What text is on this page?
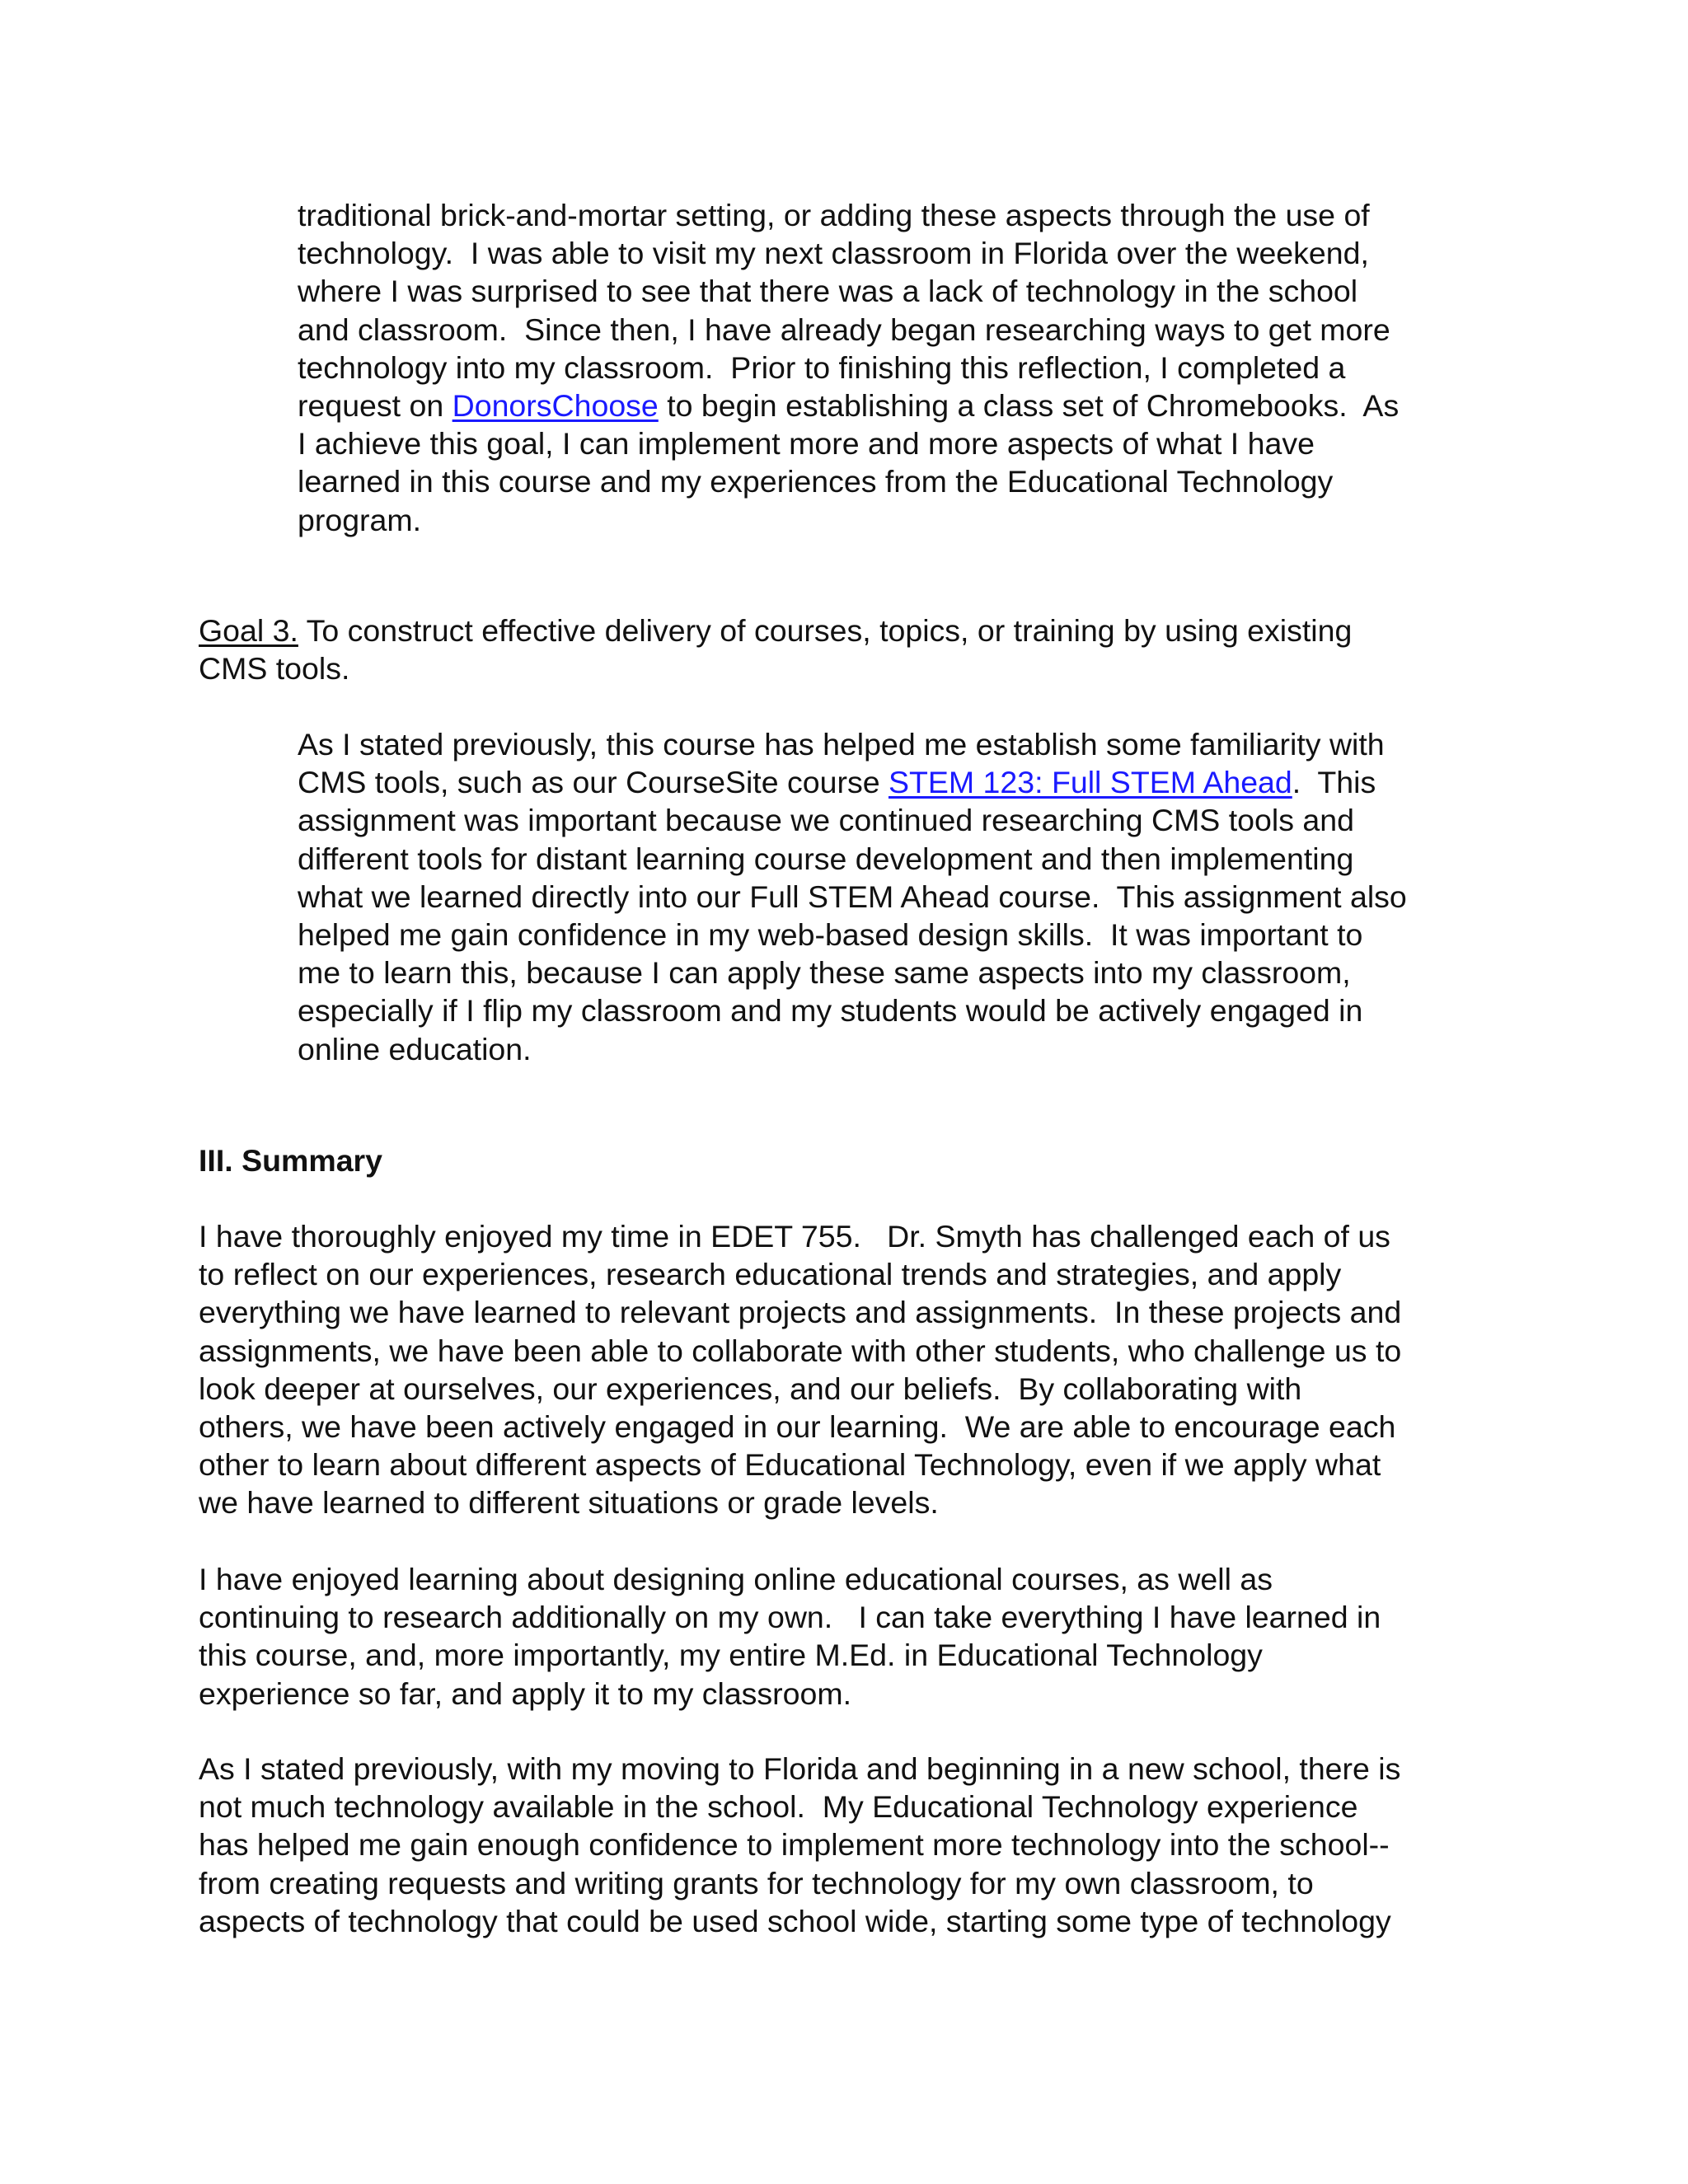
traditional brick-and-mortar setting, or adding these aspects through the use of
technology.  I was able to visit my next classroom in Florida over the weekend,
where I was surprised to see that there was a lack of technology in the school
and classroom.  Since then, I have already began researching ways to get more
technology into my classroom.  Prior to finishing this reflection, I completed a
request on DonorsChoose to begin establishing a class set of Chromebooks.  As
I achieve this goal, I can implement more and more aspects of what I have
learned in this course and my experiences from the Educational Technology
program.
Goal 3. To construct effective delivery of courses, topics, or training by using existing
CMS tools.
As I stated previously, this course has helped me establish some familiarity with
CMS tools, such as our CourseSite course STEM 123: Full STEM Ahead.  This
assignment was important because we continued researching CMS tools and
different tools for distant learning course development and then implementing
what we learned directly into our Full STEM Ahead course.  This assignment also
helped me gain confidence in my web-based design skills.  It was important to
me to learn this, because I can apply these same aspects into my classroom,
especially if I flip my classroom and my students would be actively engaged in
online education.
III. Summary
I have thoroughly enjoyed my time in EDET 755.   Dr. Smyth has challenged each of us
to reflect on our experiences, research educational trends and strategies, and apply
everything we have learned to relevant projects and assignments.  In these projects and
assignments, we have been able to collaborate with other students, who challenge us to
look deeper at ourselves, our experiences, and our beliefs.  By collaborating with
others, we have been actively engaged in our learning.  We are able to encourage each
other to learn about different aspects of Educational Technology, even if we apply what
we have learned to different situations or grade levels.
I have enjoyed learning about designing online educational courses, as well as
continuing to research additionally on my own.   I can take everything I have learned in
this course, and, more importantly, my entire M.Ed. in Educational Technology
experience so far, and apply it to my classroom.
As I stated previously, with my moving to Florida and beginning in a new school, there is
not much technology available in the school.  My Educational Technology experience
has helped me gain enough confidence to implement more technology into the school--
from creating requests and writing grants for technology for my own classroom, to
aspects of technology that could be used school wide, starting some type of technology
